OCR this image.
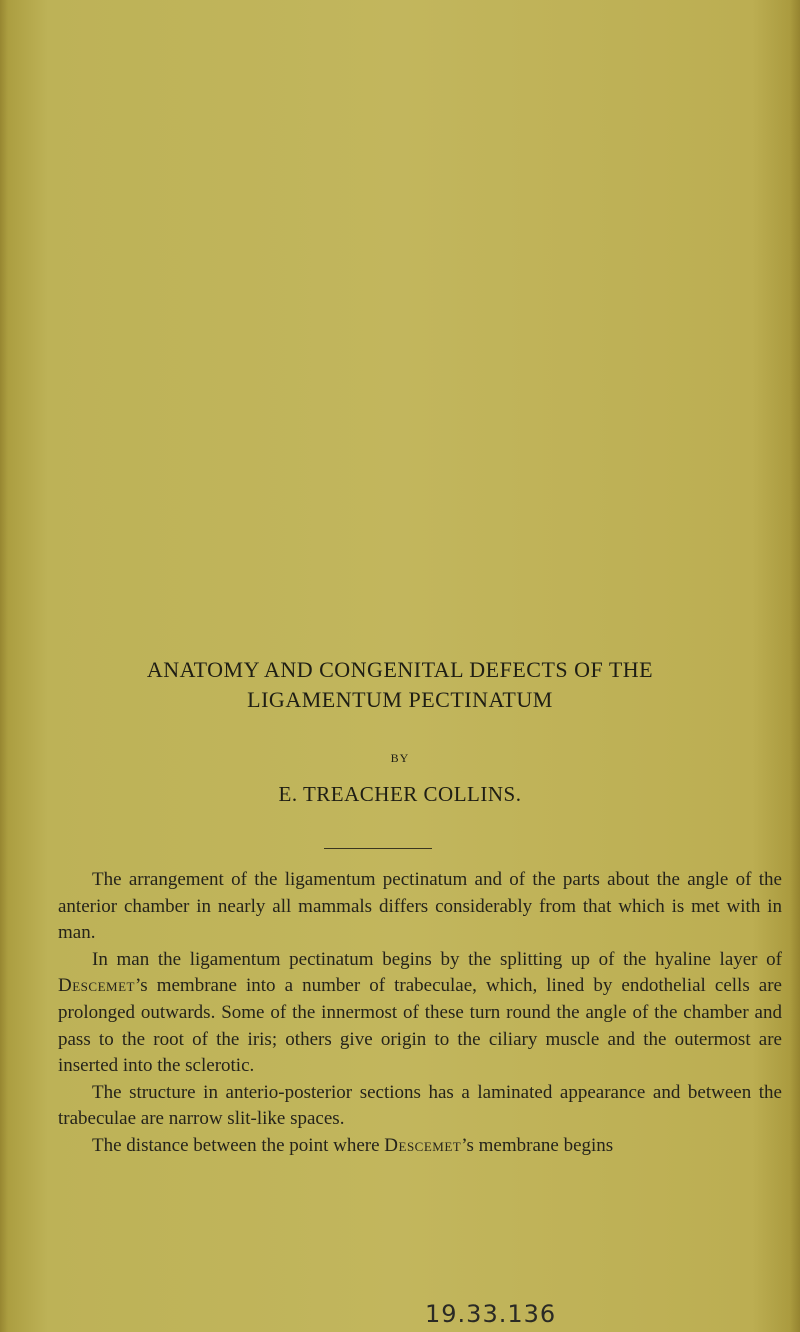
ANATOMY AND CONGENITAL DEFECTS OF THE
LIGAMENTUM PECTINATUM
BY
E. TREACHER COLLINS.

The arrangement of the ligamentum pectinatum and of the parts about the angle of the anterior chamber in nearly all mammals differs considerably from that which is met with in man.

In man the ligamentum pectinatum begins by the splitting up of the hyaline layer of Descemet’s membrane into a number of trabeculae, which, lined by endothelial cells are prolonged outwards. Some of the innermost of these turn round the angle of the chamber and pass to the root of the iris; others give origin to the ciliary muscle and the outermost are inserted into the sclerotic.

The structure in anterio-posterior sections has a laminated appearance and between the trabeculae are narrow slit-like spaces.

The distance between the point where Descemet’s membrane begins

19.33.136
